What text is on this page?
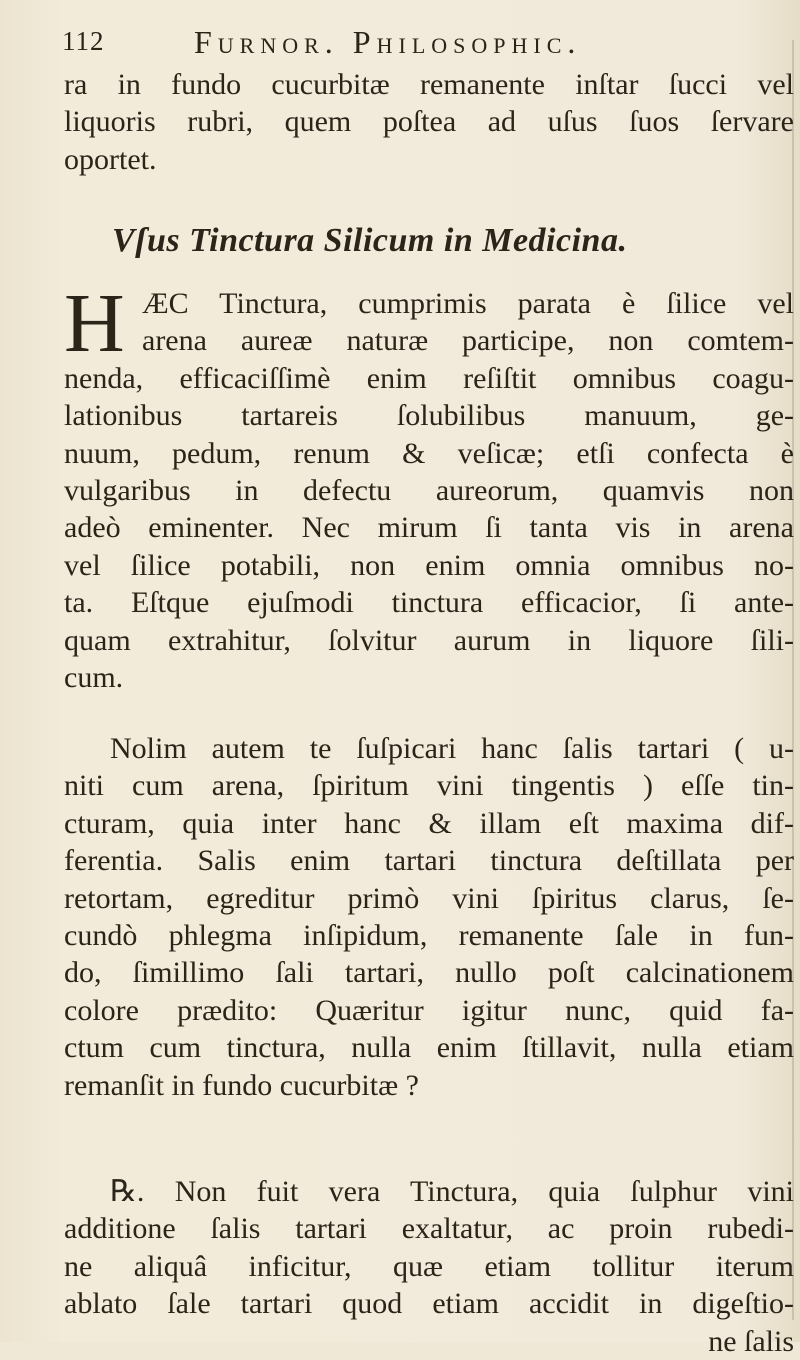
112	Furnor. Philosophic.
ra in fundo cucurbitæ remanente inſtar ſucci vel
liquoris rubri, quem poſtea ad uſus ſuos ſervare
oportet.
Vſus Tinctura Silicum in Medicina.
H ÆC Tinctura, cumprimis parata è ſilice vel
arena aureæ naturæ participe, non comtem-
nenda, efficaciſſimè enim reſiſtit omnibus coagu-
lationibus tartareis ſolubilibus manuum, ge-
nuum, pedum, renum & veſicæ; etſi confecta è
vulgaribus in defectu aureorum, quamvis non
adeò eminenter. Nec mirum ſi tanta vis in arena
vel ſilice potabili, non enim omnia omnibus no-
ta. Eſtque ejuſmodi tinctura efficacior, ſi ante-
quam extrahitur, ſolvitur aurum in liquore ſili-
cum.
Nolim autem te ſuſpicari hanc ſalis tartari ( u-
niti cum arena, ſpiritum vini tingentis ) eſſe tin-
cturam, quia inter hanc & illam eſt maxima dif-
ferentia. Salis enim tartari tinctura deſtillata per
retortam, egreditur primò vini ſpiritus clarus, ſe-
cundò phlegma inſipidum, remanente ſale in fun-
do, ſimillimo ſali tartari, nullo poſt calcinationem
colore prædito: Quæritur igitur nunc, quid fa-
ctum cum tinctura, nulla enim ſtillavit, nulla etiam
remanſit in fundo cucurbitæ ?
℞. Non fuit vera Tinctura, quia ſulphur vini
additione ſalis tartari exaltatur, ac proin rubedi-
ne aliquâ inficitur, quæ etiam tollitur iterum
ablato ſale tartari quod etiam accidit in digeſtio-
ne ſalis
